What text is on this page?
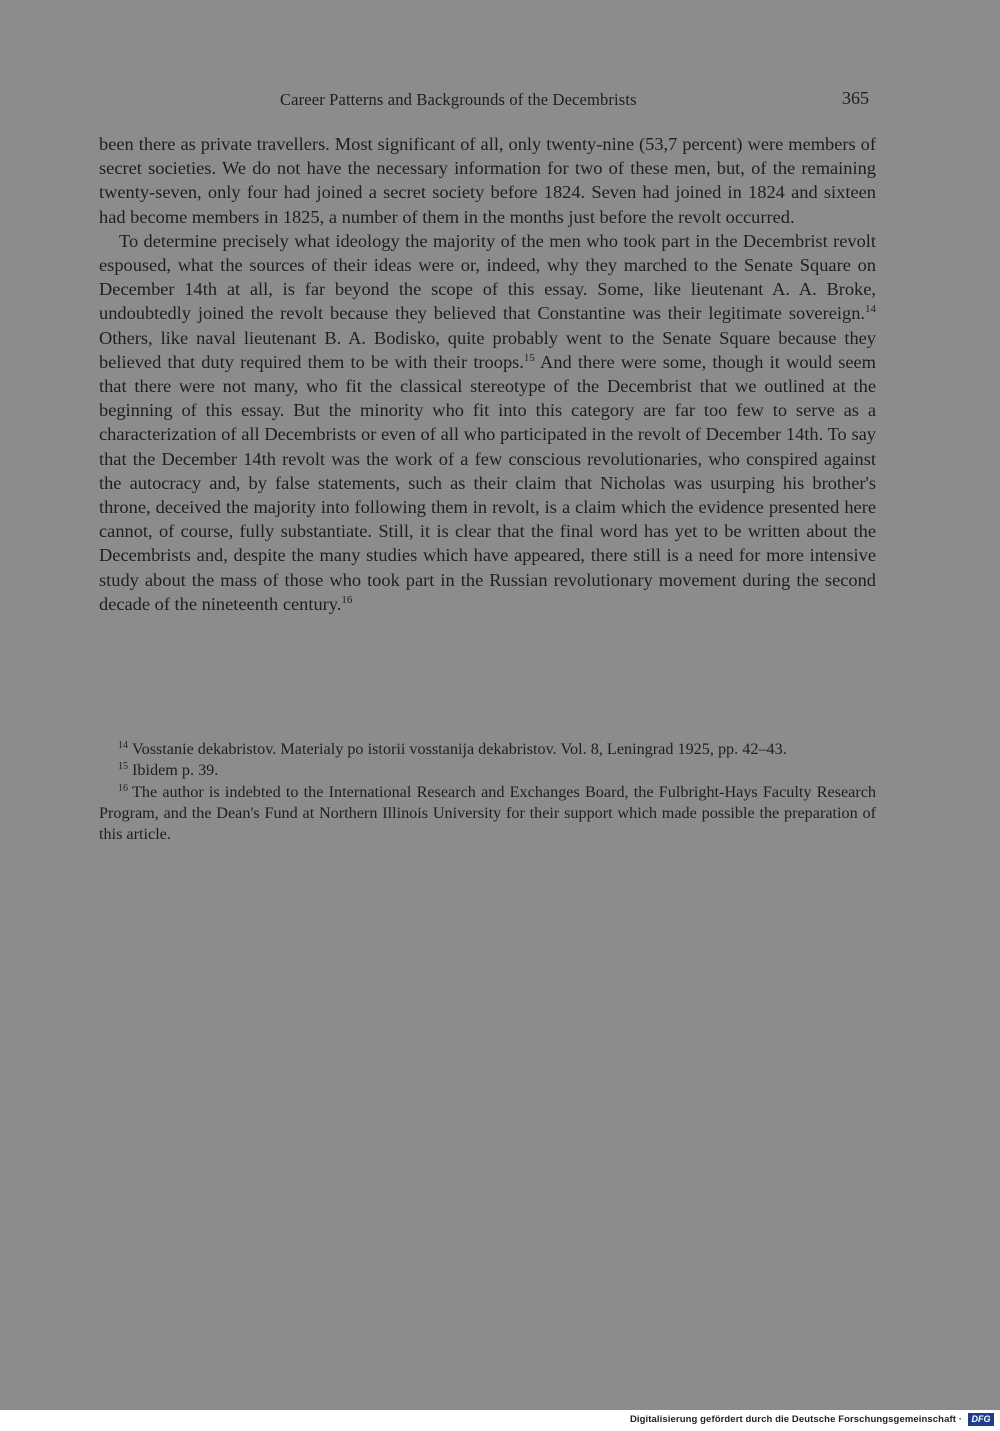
Career Patterns and Backgrounds of the Decembrists	365

been there as private travellers. Most significant of all, only twenty-nine (53,7 percent) were members of secret societies. We do not have the necessary information for two of these men, but, of the remaining twenty-seven, only four had joined a secret society before 1824. Seven had joined in 1824 and sixteen had become members in 1825, a number of them in the months just before the revolt occurred.

To determine precisely what ideology the majority of the men who took part in the Decembrist revolt espoused, what the sources of their ideas were or, indeed, why they marched to the Senate Square on December 14th at all, is far beyond the scope of this essay. Some, like lieutenant A. A. Broke, undoubtedly joined the revolt because they believed that Constantine was their legitimate sovereign.$^{14}$ Others, like naval lieutenant B. A. Bodisko, quite probably went to the Senate Square because they believed that duty required them to be with their troops.$^{15}$ And there were some, though it would seem that there were not many, who fit the classical stereotype of the Decembrist that we outlined at the beginning of this essay. But the minority who fit into this category are far too few to serve as a characterization of all Decembrists or even of all who participated in the revolt of December 14th. To say that the December 14th revolt was the work of a few conscious revolutionaries, who conspired against the autocracy and, by false statements, such as their claim that Nicholas was usurping his brother's throne, deceived the majority into following them in revolt, is a claim which the evidence presented here cannot, of course, fully substantiate. Still, it is clear that the final word has yet to be written about the Decembrists and, despite the many studies which have appeared, there still is a need for more intensive study about the mass of those who took part in the Russian revolutionary movement during the second decade of the nineteenth century.$^{16}$

$^{14}$ Vosstanie dekabristov. Materialy po istorii vosstanija dekabristov. Vol. 8, Leningrad 1925, pp. 42–43.

$^{15}$ Ibidem p. 39.

$^{16}$ The author is indebted to the International Research and Exchanges Board, the Fulbright-Hays Faculty Research Program, and the Dean's Fund at Northern Illinois University for their support which made possible the preparation of this article.

Digitalisierung gefördert durch die Deutsche Forschungsgemeinschaft ·	DFG
